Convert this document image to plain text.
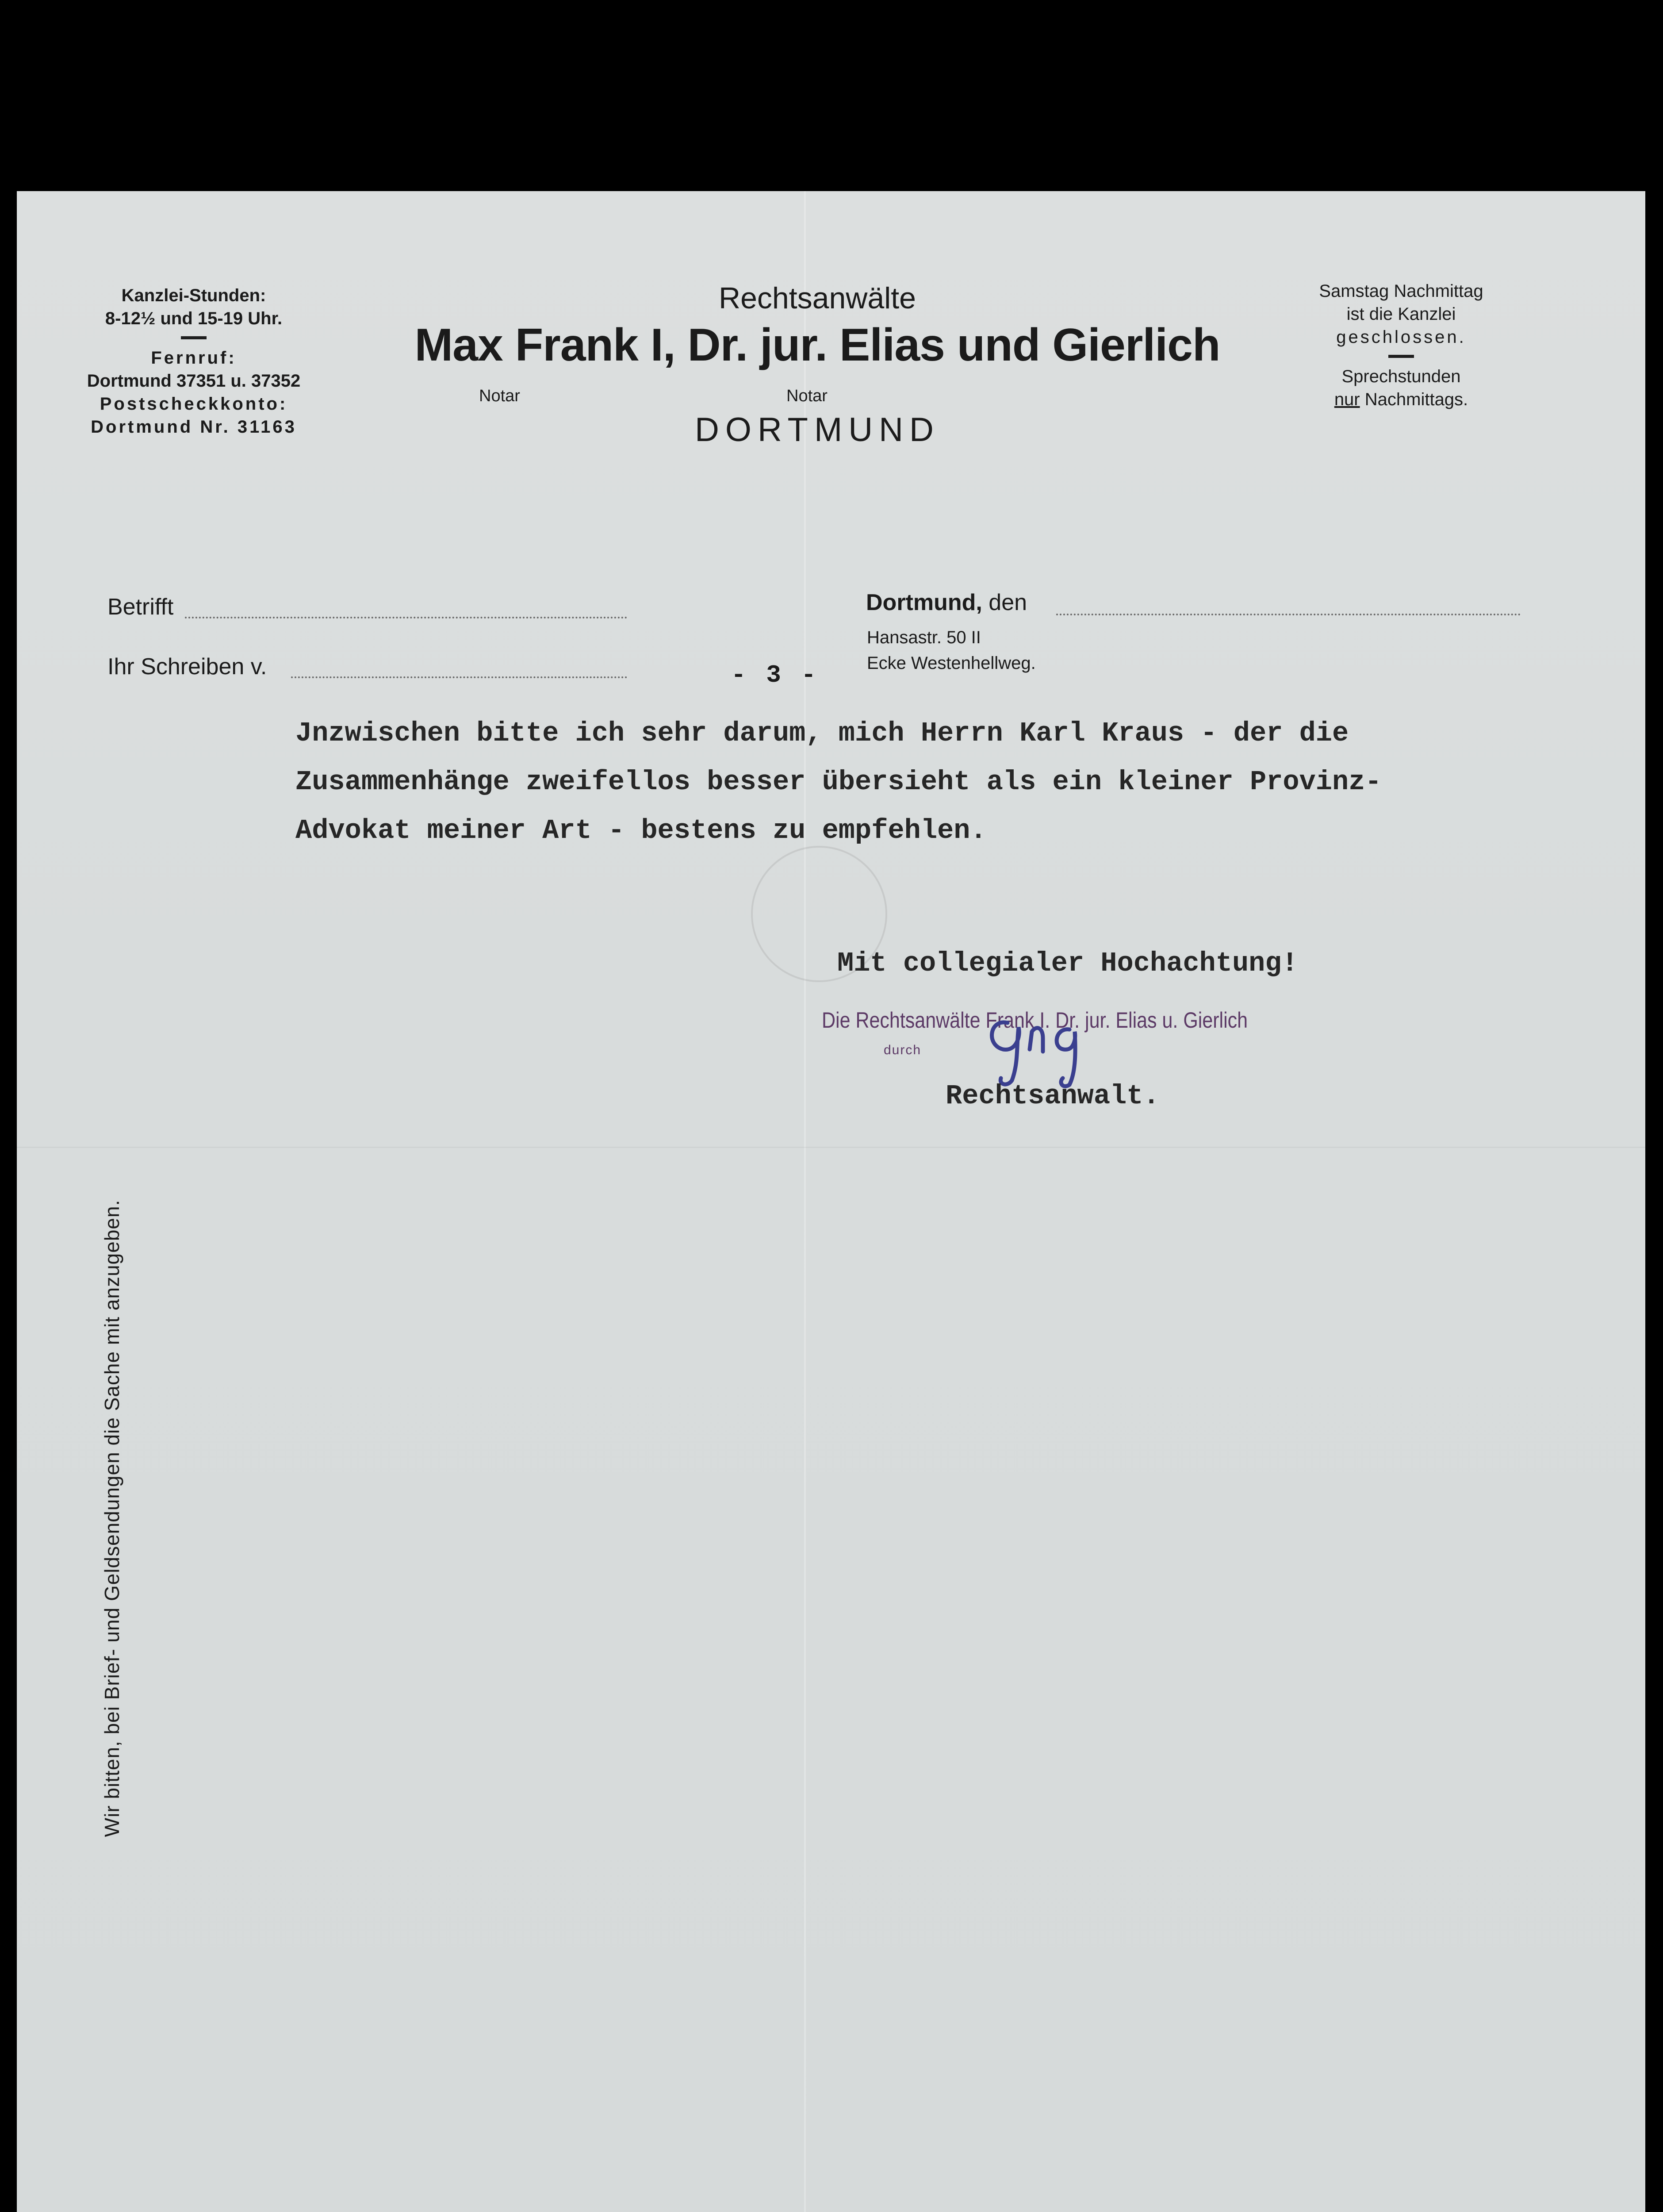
Kanzlei-Stunden:
8-12½ und 15-19 Uhr.
Fernruf:
Dortmund 37351 u. 37352
Postscheckkonto:
Dortmund Nr. 31163
Rechtsanwälte
Max Frank I, Dr. jur. Elias und Gierlich
Notar	Notar
DORTMUND
Samstag Nachmittag
ist die Kanzlei
geschlossen.
Sprechstunden
nur Nachmittags.
Betrifft
Ihr Schreiben v.
Dortmund, den
Hansastr. 50 II
Ecke Westenhellweg.
- 3 -
Jnzwischen bitte ich sehr darum, mich Herrn Karl Kraus - der die
Zusammenhänge zweifellos besser übersieht als ein kleiner Provinz-
Advokat meiner Art - bestens zu empfehlen.
Mit collegialer Hochachtung!
Die Rechtsanwälte Frank I. Dr. jur. Elias u. Gierlich
durch
Rechtsanwalt.
Wir bitten, bei Brief- und Geldsendungen die Sache mit anzugeben.
